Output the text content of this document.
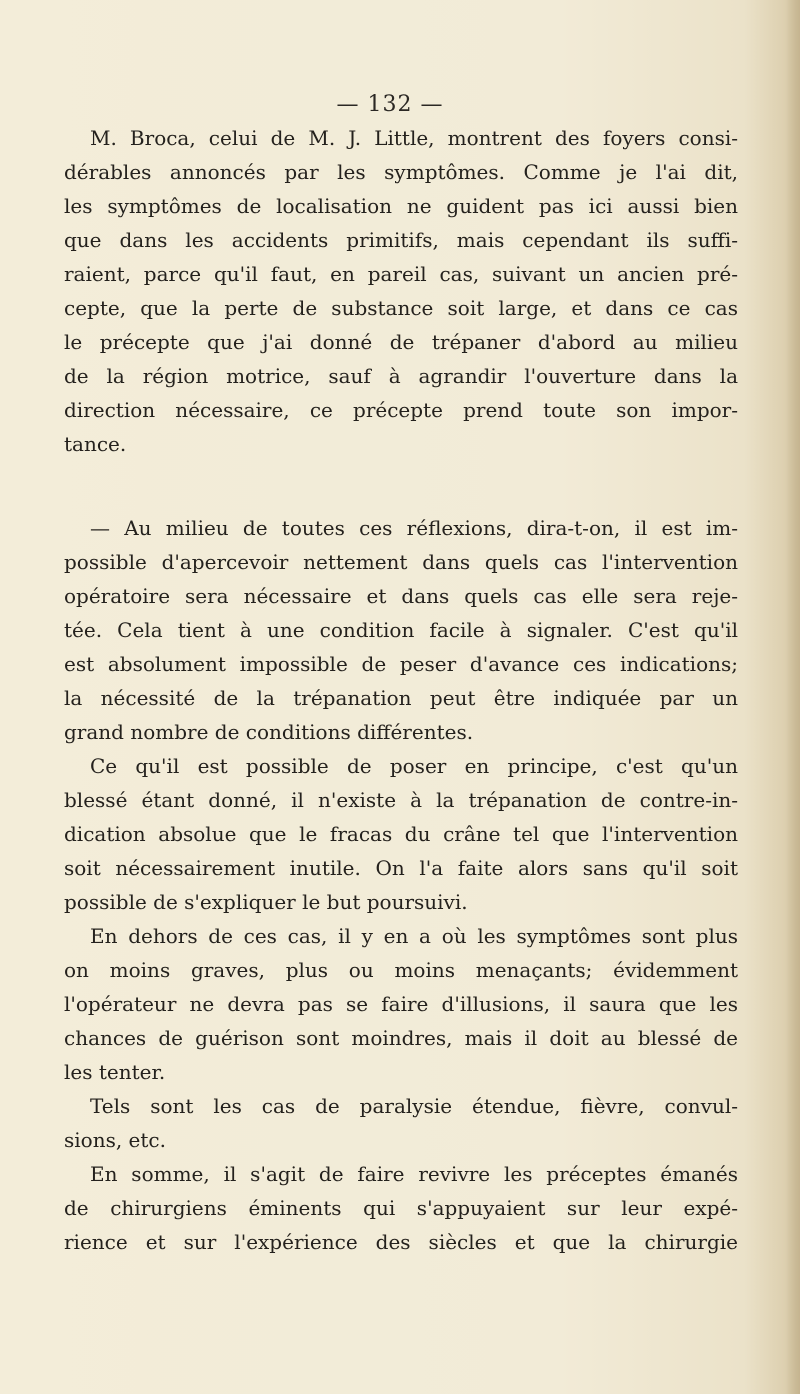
— 132 —
M. Broca, celui de M. J. Little, montrent des foyers consi-
dérables annoncés par les symptômes. Comme je l'ai dit,
les symptômes de localisation ne guident pas ici aussi bien
que dans les accidents primitifs, mais cependant ils suffi-
raient, parce qu'il faut, en pareil cas, suivant un ancien pré-
cepte, que la perte de substance soit large, et dans ce cas
le précepte que j'ai donné de trépaner d'abord au milieu
de la région motrice, sauf à agrandir l'ouverture dans la
direction nécessaire, ce précepte prend toute son impor-
tance.
— Au milieu de toutes ces réflexions, dira-t-on, il est im-
possible d'apercevoir nettement dans quels cas l'intervention
opératoire sera nécessaire et dans quels cas elle sera reje-
tée. Cela tient à une condition facile à signaler. C'est qu'il
est absolument impossible de peser d'avance ces indications;
la nécessité de la trépanation peut être indiquée par un
grand nombre de conditions différentes.
Ce qu'il est possible de poser en principe, c'est qu'un
blessé étant donné, il n'existe à la trépanation de contre-in-
dication absolue que le fracas du crâne tel que l'intervention
soit nécessairement inutile. On l'a faite alors sans qu'il soit
possible de s'expliquer le but poursuivi.
En dehors de ces cas, il y en a où les symptômes sont plus
on moins graves, plus ou moins menaçants; évidemment
l'opérateur ne devra pas se faire d'illusions, il saura que les
chances de guérison sont moindres, mais il doit au blessé de
les tenter.
Tels sont les cas de paralysie étendue, fièvre, convul-
sions, etc.
En somme, il s'agit de faire revivre les préceptes émanés
de chirurgiens éminents qui s'appuyaient sur leur expé-
rience et sur l'expérience des siècles et que la chirurgie
